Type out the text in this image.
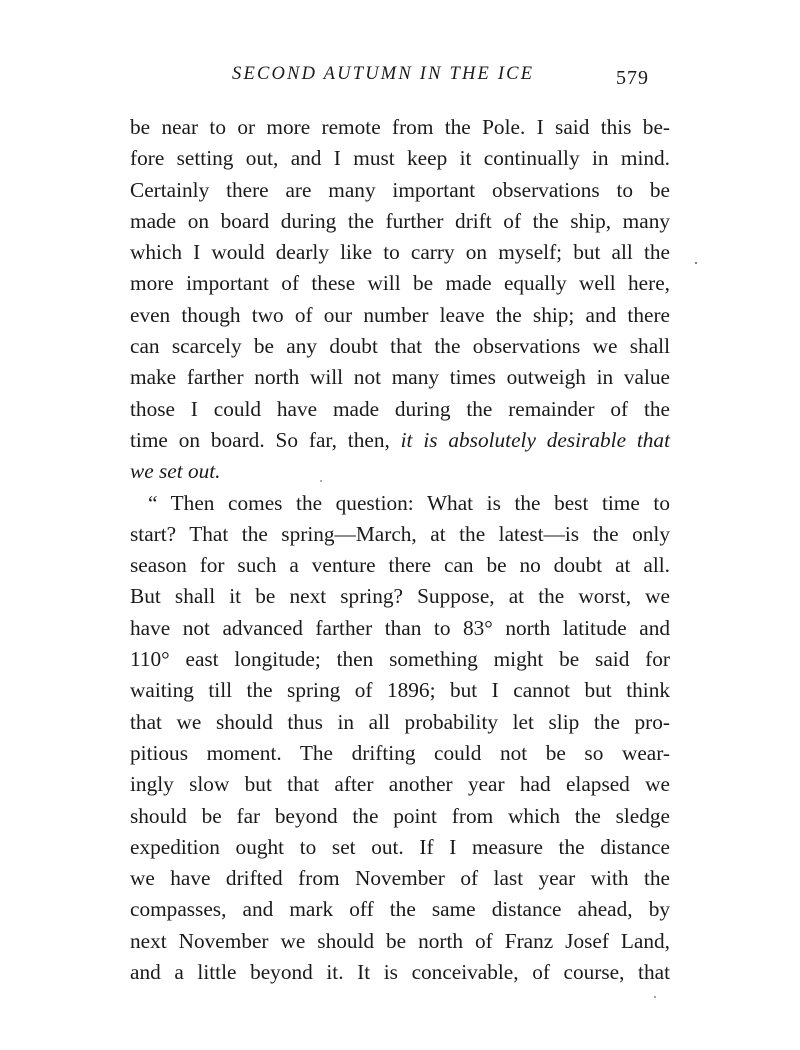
SECOND AUTUMN IN THE ICE	579
be near to or more remote from the Pole. I said this be-
fore setting out, and I must keep it continually in mind.
Certainly there are many important observations to be
made on board during the further drift of the ship, many
which I would dearly like to carry on myself; but all the
more important of these will be made equally well here,
even though two of our number leave the ship; and there
can scarcely be any doubt that the observations we shall
make farther north will not many times outweigh in value
those I could have made during the remainder of the
time on board. So far, then, it is absolutely desirable that
we set out.
“ Then comes the question: What is the best time to
start? That the spring—March, at the latest—is the only
season for such a venture there can be no doubt at all.
But shall it be next spring? Suppose, at the worst, we
have not advanced farther than to 83° north latitude and
110° east longitude; then something might be said for
waiting till the spring of 1896; but I cannot but think
that we should thus in all probability let slip the pro-
pitious moment. The drifting could not be so wear-
ingly slow but that after another year had elapsed we
should be far beyond the point from which the sledge
expedition ought to set out. If I measure the distance
we have drifted from November of last year with the
compasses, and mark off the same distance ahead, by
next November we should be north of Franz Josef Land,
and a little beyond it. It is conceivable, of course, that
